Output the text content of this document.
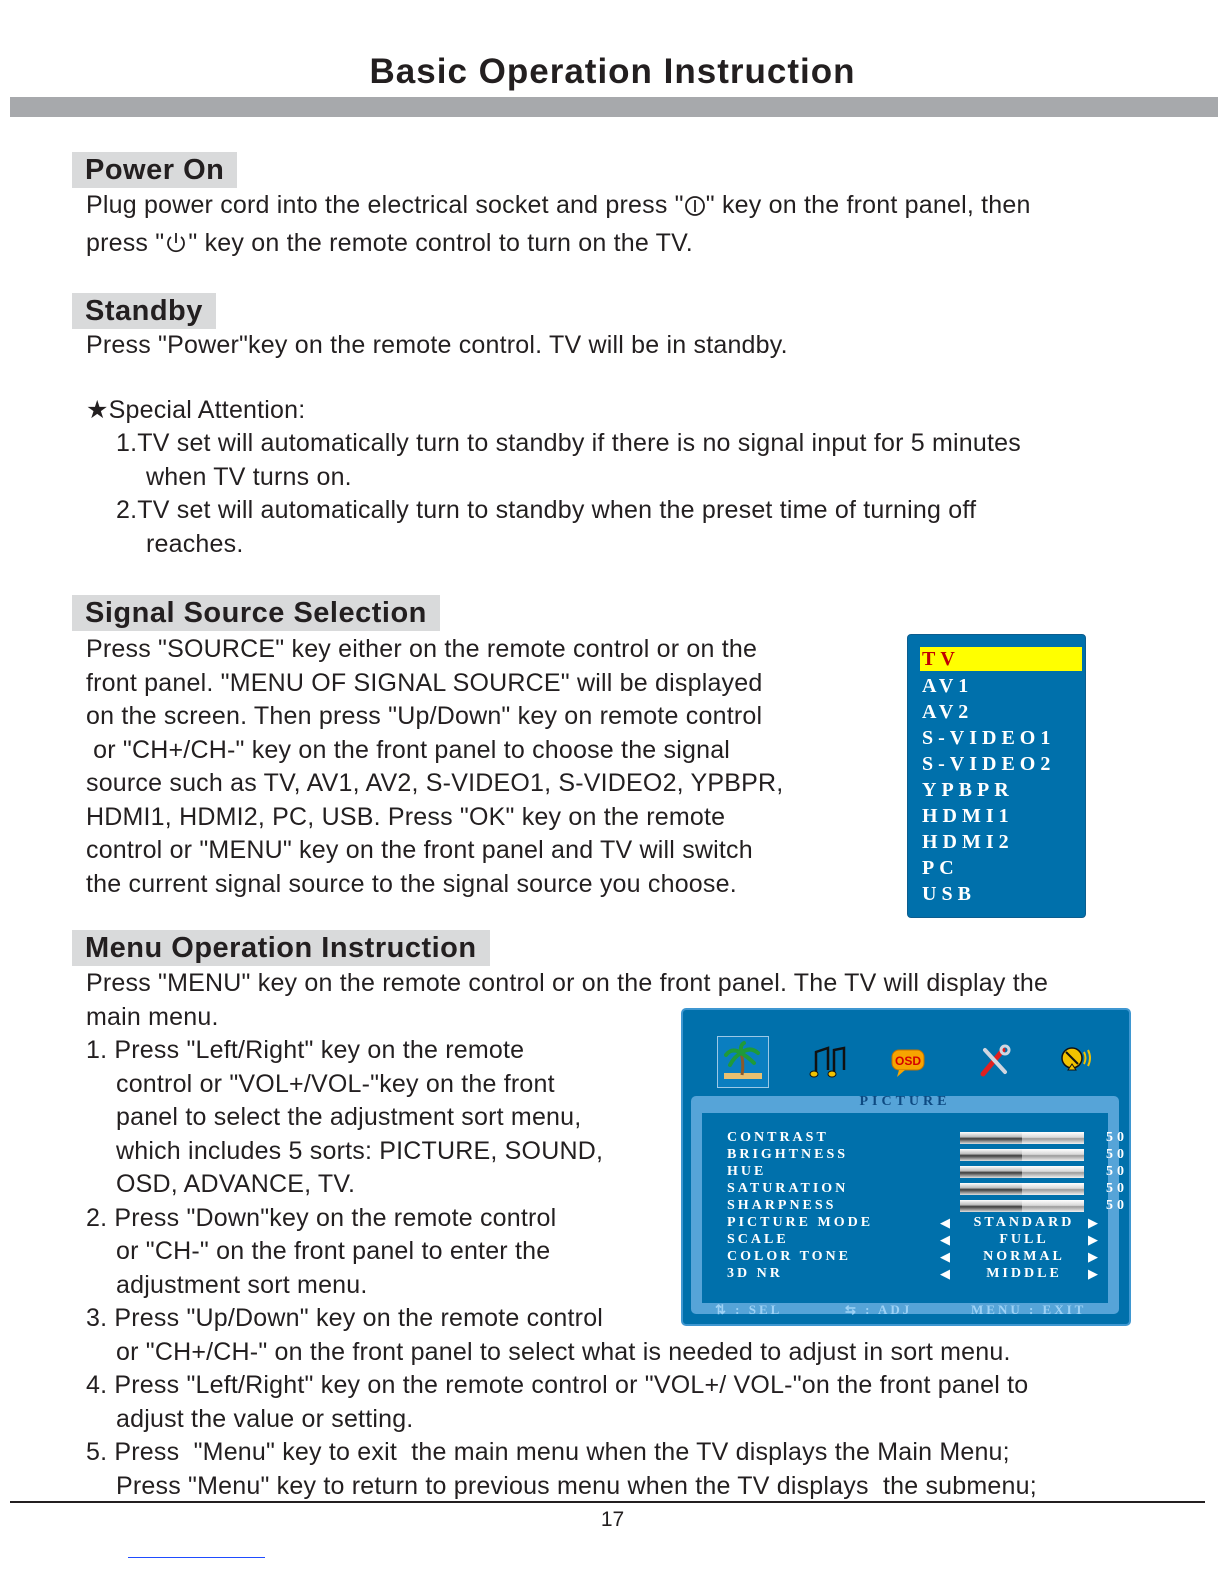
Basic Operation Instruction
Power On
Plug power cord into the electrical socket and press " " key on the front panel, then
press " " key on the remote control to turn on the TV.
Standby
Press "Power"key on the remote control. TV will be in standby.
★Special Attention:
1.TV set will automatically turn to standby if there is no signal input for 5 minutes
when TV turns on.
2.TV set will automatically turn to standby when the preset time of turning off
reaches.
Signal Source Selection
Press "SOURCE" key either on the remote control or on the
front panel. "MENU OF SIGNAL SOURCE" will be displayed
on the screen. Then press "Up/Down" key on remote control
or "CH+/CH-" key on the front panel to choose the signal
source such as TV, AV1, AV2, S-VIDEO1, S-VIDEO2, YPBPR,
HDMI1, HDMI2, PC, USB. Press "OK" key on the remote
control or "MENU" key on the front panel and TV will switch
the current signal source to the signal source you choose.
TV
AV1
AV2
S-VIDEO1
S-VIDEO2
YPBPR
HDMI1
HDMI2
PC
USB
Menu Operation Instruction
Press "MENU" key on the remote control or on the front panel. The TV will display the
main menu.
1. Press "Left/Right" key on the remote
control or "VOL+/VOL-"key on the front
panel to select the adjustment sort menu,
which includes 5 sorts: PICTURE, SOUND,
OSD, ADVANCE, TV.
2. Press "Down"key on the remote control
or "CH-" on the front panel to enter the
adjustment sort menu.
3. Press "Up/Down" key on the remote control
or "CH+/CH-" on the front panel to select what is needed to adjust in sort menu.
4. Press "Left/Right" key on the remote control or "VOL+/ VOL-"on the front panel to
adjust the value or setting.
5. Press  "Menu" key to exit  the main menu when the TV displays the Main Menu;
Press "Menu" key to return to previous menu when the TV displays  the submenu;
OSD
PICTURE
CONTRAST	50
BRIGHTNESS	50
HUE	50
SATURATION	50
SHARPNESS	50
PICTURE MODE	◀	STANDARD	▶
SCALE	◀	FULL	▶
COLOR TONE	◀	NORMAL	▶
3D NR	◀	MIDDLE	▶
⇅ : SEL	⇆ : ADJ	MENU : EXIT
17
